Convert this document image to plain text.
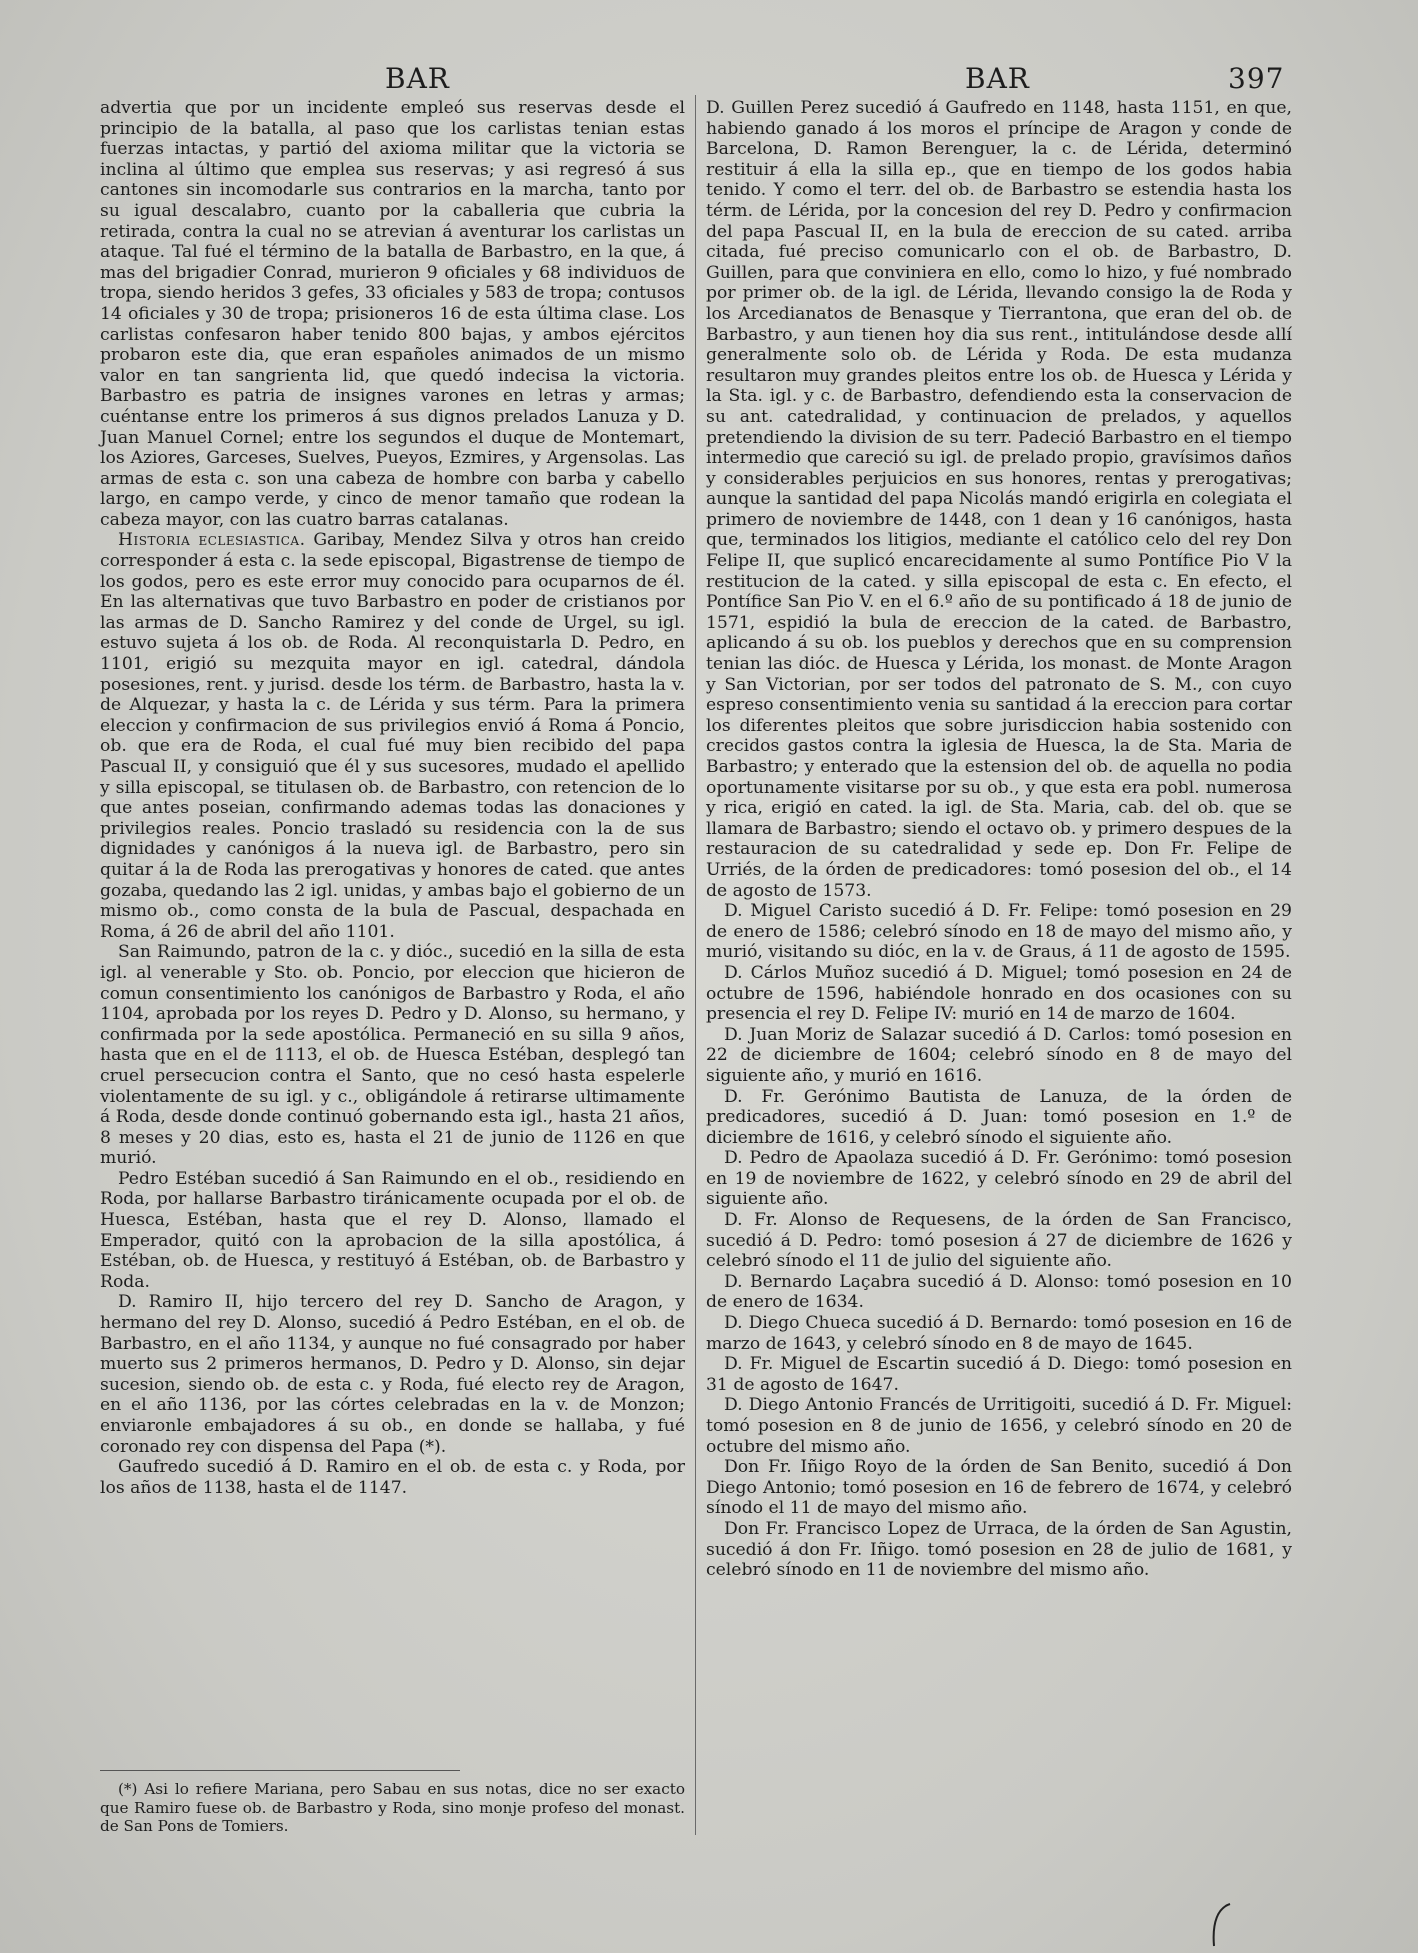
BAR	BAR	397

advertia que por un incidente empleó sus reservas desde el principio de la batalla, al paso que los carlistas tenian estas fuerzas intactas, y partió del axioma militar que la victoria se inclina al último que emplea sus reservas; y asi regresó á sus cantones sin incomodarle sus contrarios en la marcha, tanto por su igual descalabro, cuanto por la caballeria que cubria la retirada, contra la cual no se atrevian á aventurar los carlistas un ataque. Tal fué el término de la batalla de Barbastro, en la que, á mas del brigadier Conrad, murieron 9 oficiales y 68 individuos de tropa, siendo heridos 3 gefes, 33 oficiales y 583 de tropa; contusos 14 oficiales y 30 de tropa; prisioneros 16 de esta última clase. Los carlistas confesaron haber tenido 800 bajas, y ambos ejércitos probaron este dia, que eran españoles animados de un mismo valor en tan sangrienta lid, que quedó indecisa la victoria. Barbastro es patria de insignes varones en letras y armas; cuéntanse entre los primeros á sus dignos prelados Lanuza y D. Juan Manuel Cornel; entre los segundos el duque de Montemart, los Aziores, Garceses, Suelves, Pueyos, Ezmires, y Argensolas. Las armas de esta c. son una cabeza de hombre con barba y cabello largo, en campo verde, y cinco de menor tamaño que rodean la cabeza mayor, con las cuatro barras catalanas.

Historia eclesiastica. Garibay, Mendez Silva y otros han creido corresponder á esta c. la sede episcopal, Bigastrense de tiempo de los godos, pero es este error muy conocido para ocuparnos de él. En las alternativas que tuvo Barbastro en poder de cristianos por las armas de D. Sancho Ramirez y del conde de Urgel, su igl. estuvo sujeta á los ob. de Roda. Al reconquistarla D. Pedro, en 1101, erigió su mezquita mayor en igl. catedral, dándola posesiones, rent. y jurisd. desde los térm. de Barbastro, hasta la v. de Alquezar, y hasta la c. de Lérida y sus térm. Para la primera eleccion y confirmacion de sus privilegios envió á Roma á Poncio, ob. que era de Roda, el cual fué muy bien recibido del papa Pascual II, y consiguió que él y sus sucesores, mudado el apellido y silla episcopal, se titulasen ob. de Barbastro, con retencion de lo que antes poseian, confirmando ademas todas las donaciones y privilegios reales. Poncio trasladó su residencia con la de sus dignidades y canónigos á la nueva igl. de Barbastro, pero sin quitar á la de Roda las prerogativas y honores de cated. que antes gozaba, quedando las 2 igl. unidas, y ambas bajo el gobierno de un mismo ob., como consta de la bula de Pascual, despachada en Roma, á 26 de abril del año 1101.

San Raimundo, patron de la c. y dióc., sucedió en la silla de esta igl. al venerable y Sto. ob. Poncio, por eleccion que hicieron de comun consentimiento los canónigos de Barbastro y Roda, el año 1104, aprobada por los reyes D. Pedro y D. Alonso, su hermano, y confirmada por la sede apostólica. Permaneció en su silla 9 años, hasta que en el de 1113, el ob. de Huesca Estéban, desplegó tan cruel persecucion contra el Santo, que no cesó hasta espelerle violentamente de su igl. y c., obligándole á retirarse ultimamente á Roda, desde donde continuó gobernando esta igl., hasta 21 años, 8 meses y 20 dias, esto es, hasta el 21 de junio de 1126 en que murió.

Pedro Estéban sucedió á San Raimundo en el ob., residiendo en Roda, por hallarse Barbastro tiránicamente ocupada por el ob. de Huesca, Estéban, hasta que el rey D. Alonso, llamado el Emperador, quitó con la aprobacion de la silla apostólica, á Estéban, ob. de Huesca, y restituyó á Estéban, ob. de Barbastro y Roda.

D. Ramiro II, hijo tercero del rey D. Sancho de Aragon, y hermano del rey D. Alonso, sucedió á Pedro Estéban, en el ob. de Barbastro, en el año 1134, y aunque no fué consagrado por haber muerto sus 2 primeros hermanos, D. Pedro y D. Alonso, sin dejar sucesion, siendo ob. de esta c. y Roda, fué electo rey de Aragon, en el año 1136, por las córtes celebradas en la v. de Monzon; enviaronle embajadores á su ob., en donde se hallaba, y fué coronado rey con dispensa del Papa (*).

Gaufredo sucedió á D. Ramiro en el ob. de esta c. y Roda, por los años de 1138, hasta el de 1147.

D. Guillen Perez sucedió á Gaufredo en 1148, hasta 1151, en que, habiendo ganado á los moros el príncipe de Aragon y conde de Barcelona, D. Ramon Berenguer, la c. de Lérida, determinó restituir á ella la silla ep., que en tiempo de los godos habia tenido. Y como el terr. del ob. de Barbastro se estendia hasta los térm. de Lérida, por la concesion del rey D. Pedro y confirmacion del papa Pascual II, en la bula de ereccion de su cated. arriba citada, fué preciso comunicarlo con el ob. de Barbastro, D. Guillen, para que conviniera en ello, como lo hizo, y fué nombrado por primer ob. de la igl. de Lérida, llevando consigo la de Roda y los Arcedianatos de Benasque y Tierrantona, que eran del ob. de Barbastro, y aun tienen hoy dia sus rent., intitulándose desde allí generalmente solo ob. de Lérida y Roda. De esta mudanza resultaron muy grandes pleitos entre los ob. de Huesca y Lérida y la Sta. igl. y c. de Barbastro, defendiendo esta la conservacion de su ant. catedralidad, y continuacion de prelados, y aquellos pretendiendo la division de su terr. Padeció Barbastro en el tiempo intermedio que careció su igl. de prelado propio, gravísimos daños y considerables perjuicios en sus honores, rentas y prerogativas; aunque la santidad del papa Nicolás mandó erigirla en colegiata el primero de noviembre de 1448, con 1 dean y 16 canónigos, hasta que, terminados los litigios, mediante el católico celo del rey Don Felipe II, que suplicó encarecidamente al sumo Pontífice Pio V la restitucion de la cated. y silla episcopal de esta c. En efecto, el Pontífice San Pio V. en el 6.º año de su pontificado á 18 de junio de 1571, espidió la bula de ereccion de la cated. de Barbastro, aplicando á su ob. los pueblos y derechos que en su comprension tenian las dióc. de Huesca y Lérida, los monast. de Monte Aragon y San Victorian, por ser todos del patronato de S. M., con cuyo espreso consentimiento venia su santidad á la ereccion para cortar los diferentes pleitos que sobre jurisdiccion habia sostenido con crecidos gastos contra la iglesia de Huesca, la de Sta. Maria de Barbastro; y enterado que la estension del ob. de aquella no podia oportunamente visitarse por su ob., y que esta era pobl. numerosa y rica, erigió en cated. la igl. de Sta. Maria, cab. del ob. que se llamara de Barbastro; siendo el octavo ob. y primero despues de la restauracion de su catedralidad y sede ep. Don Fr. Felipe de Urriés, de la órden de predicadores: tomó posesion del ob., el 14 de agosto de 1573.

D. Miguel Caristo sucedió á D. Fr. Felipe: tomó posesion en 29 de enero de 1586; celebró sínodo en 18 de mayo del mismo año, y murió, visitando su dióc, en la v. de Graus, á 11 de agosto de 1595.

D. Cárlos Muñoz sucedió á D. Miguel; tomó posesion en 24 de octubre de 1596, habiéndole honrado en dos ocasiones con su presencia el rey D. Felipe IV: murió en 14 de marzo de 1604.

D. Juan Moriz de Salazar sucedió á D. Carlos: tomó posesion en 22 de diciembre de 1604; celebró sínodo en 8 de mayo del siguiente año, y murió en 1616.

D. Fr. Gerónimo Bautista de Lanuza, de la órden de predicadores, sucedió á D. Juan: tomó posesion en 1.º de diciembre de 1616, y celebró sínodo el siguiente año.

D. Pedro de Apaolaza sucedió á D. Fr. Gerónimo: tomó posesion en 19 de noviembre de 1622, y celebró sínodo en 29 de abril del siguiente año.

D. Fr. Alonso de Requesens, de la órden de San Francisco, sucedió á D. Pedro: tomó posesion á 27 de diciembre de 1626 y celebró sínodo el 11 de julio del siguiente año.

D. Bernardo Laçabra sucedió á D. Alonso: tomó posesion en 10 de enero de 1634.

D. Diego Chueca sucedió á D. Bernardo: tomó posesion en 16 de marzo de 1643, y celebró sínodo en 8 de mayo de 1645.

D. Fr. Miguel de Escartin sucedió á D. Diego: tomó posesion en 31 de agosto de 1647.

D. Diego Antonio Francés de Urritigoiti, sucedió á D. Fr. Miguel: tomó posesion en 8 de junio de 1656, y celebró sínodo en 20 de octubre del mismo año.

Don Fr. Iñigo Royo de la órden de San Benito, sucedió á Don Diego Antonio; tomó posesion en 16 de febrero de 1674, y celebró sínodo el 11 de mayo del mismo año.

Don Fr. Francisco Lopez de Urraca, de la órden de San Agustin, sucedió á don Fr. Iñigo. tomó posesion en 28 de julio de 1681, y celebró sínodo en 11 de noviembre del mismo año.

(*) Asi lo refiere Mariana, pero Sabau en sus notas, dice no ser exacto que Ramiro fuese ob. de Barbastro y Roda, sino monje profeso del monast. de San Pons de Tomiers.
